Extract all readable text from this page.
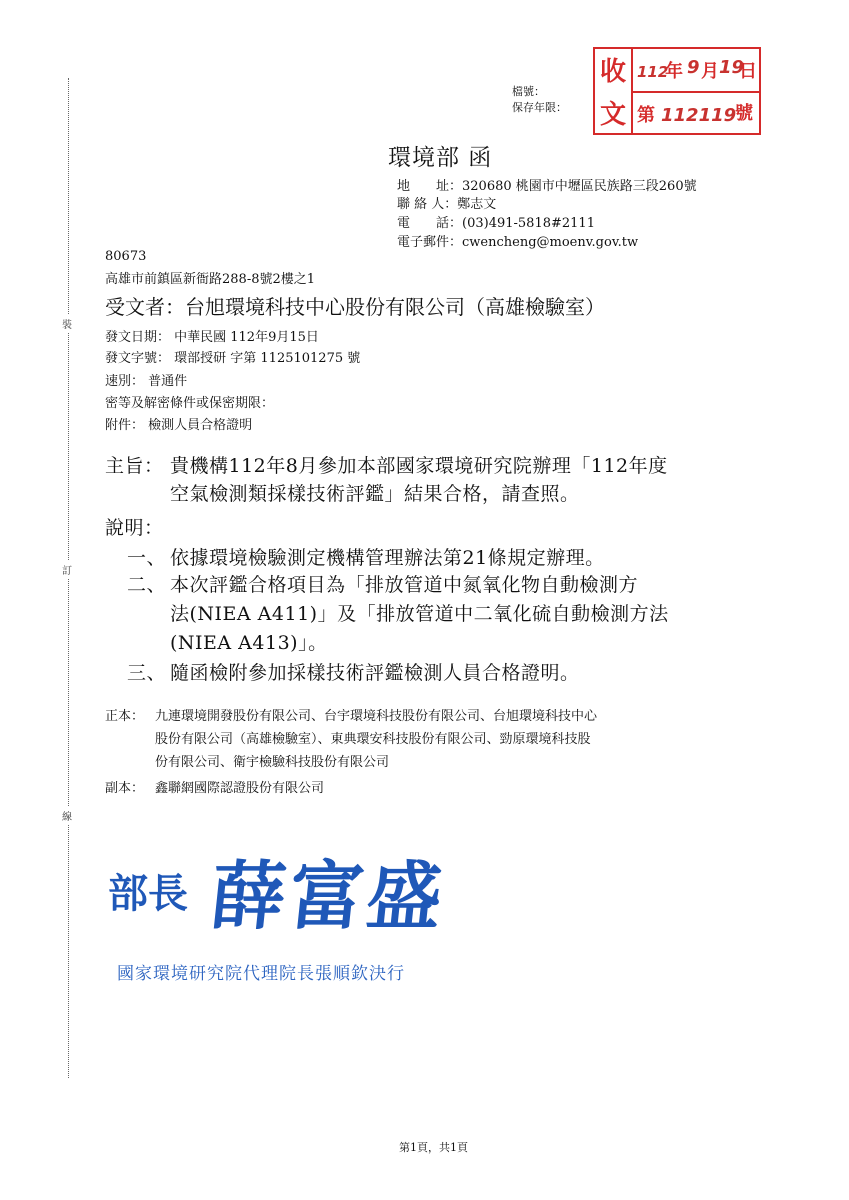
裝
訂
線
檔號：
保存年限：
收
文
112
年 9 月 19
日
第 112119
號
環境部 函
地　　址：320680 桃園市中壢區民族路三段260號
聯 絡 人：鄭志文
電　　話：(03)491-5818#2111
電子郵件：cwencheng@moenv.gov.tw
80673
高雄市前鎮區新衙路288-8號2樓之1
受文者：台旭環境科技中心股份有限公司（高雄檢驗室）
發文日期： 中華民國 112年9月15日
發文字號： 環部授研 字第 1125101275 號
速別： 普通件
密等及解密條件或保密期限：
附件： 檢測人員合格證明
主旨： 貴機構112年8月參加本部國家環境研究院辦理「112年度
空氣檢測類採樣技術評鑑」結果合格，請查照。
說明：
一、 依據環境檢驗測定機構管理辦法第21條規定辦理。
二、 本次評鑑合格項目為「排放管道中氮氧化物自動檢測方
法(NIEA A411)」及「排放管道中二氧化硫自動檢測方法
(NIEA A413)」。
三、 隨函檢附參加採樣技術評鑑檢測人員合格證明。
正本： 九連環境開發股份有限公司、台宇環境科技股份有限公司、台旭環境科技中心
股份有限公司（高雄檢驗室）、東典環安科技股份有限公司、勁原環境科技股
份有限公司、衛宇檢驗科技股份有限公司
副本： 鑫聯網國際認證股份有限公司
部長 薛富盛
國家環境研究院代理院長張順欽決行
第1頁，共1頁
